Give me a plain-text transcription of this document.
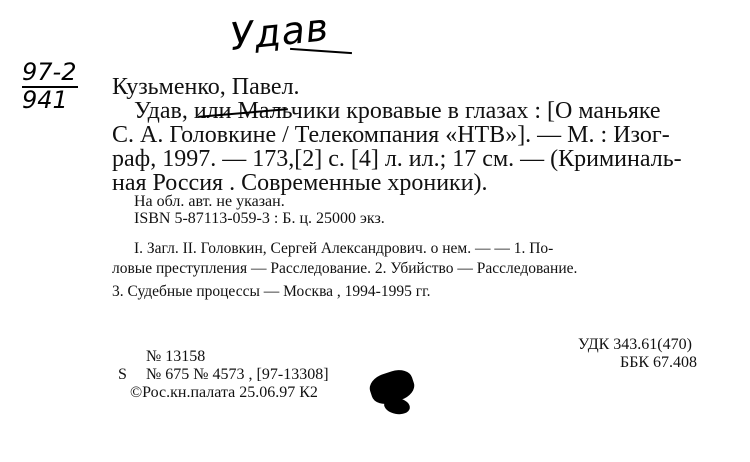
Удав
97-2
941 Кузьменко, Павел.
Удав, или Мальчики кровавые в глазах : [О маньяке
С. А. Головкине / Телекомпания «НТВ»]. — М. : Изог-
раф, 1997. — 173,[2] с. [4] л. ил.; 17 см. — (Криминаль-
ная Россия . Современные хроники).
На обл. авт. не указан.
ISBN 5-87113-059-3 : Б. ц. 25000 экз.
I. Загл. II. Головкин, Сергей Александрович. о нем. — — 1. По-
ловые преступления — Расследование. 2. Убийство — Расследование.
3. Судебные процессы — Москва , 1994-1995 гг.
№ 13158
S № 675 № 4573 , [97-13308]
©Рос.кн.палата 25.06.97 К2
УДК 343.61(470)
ББК 67.408
